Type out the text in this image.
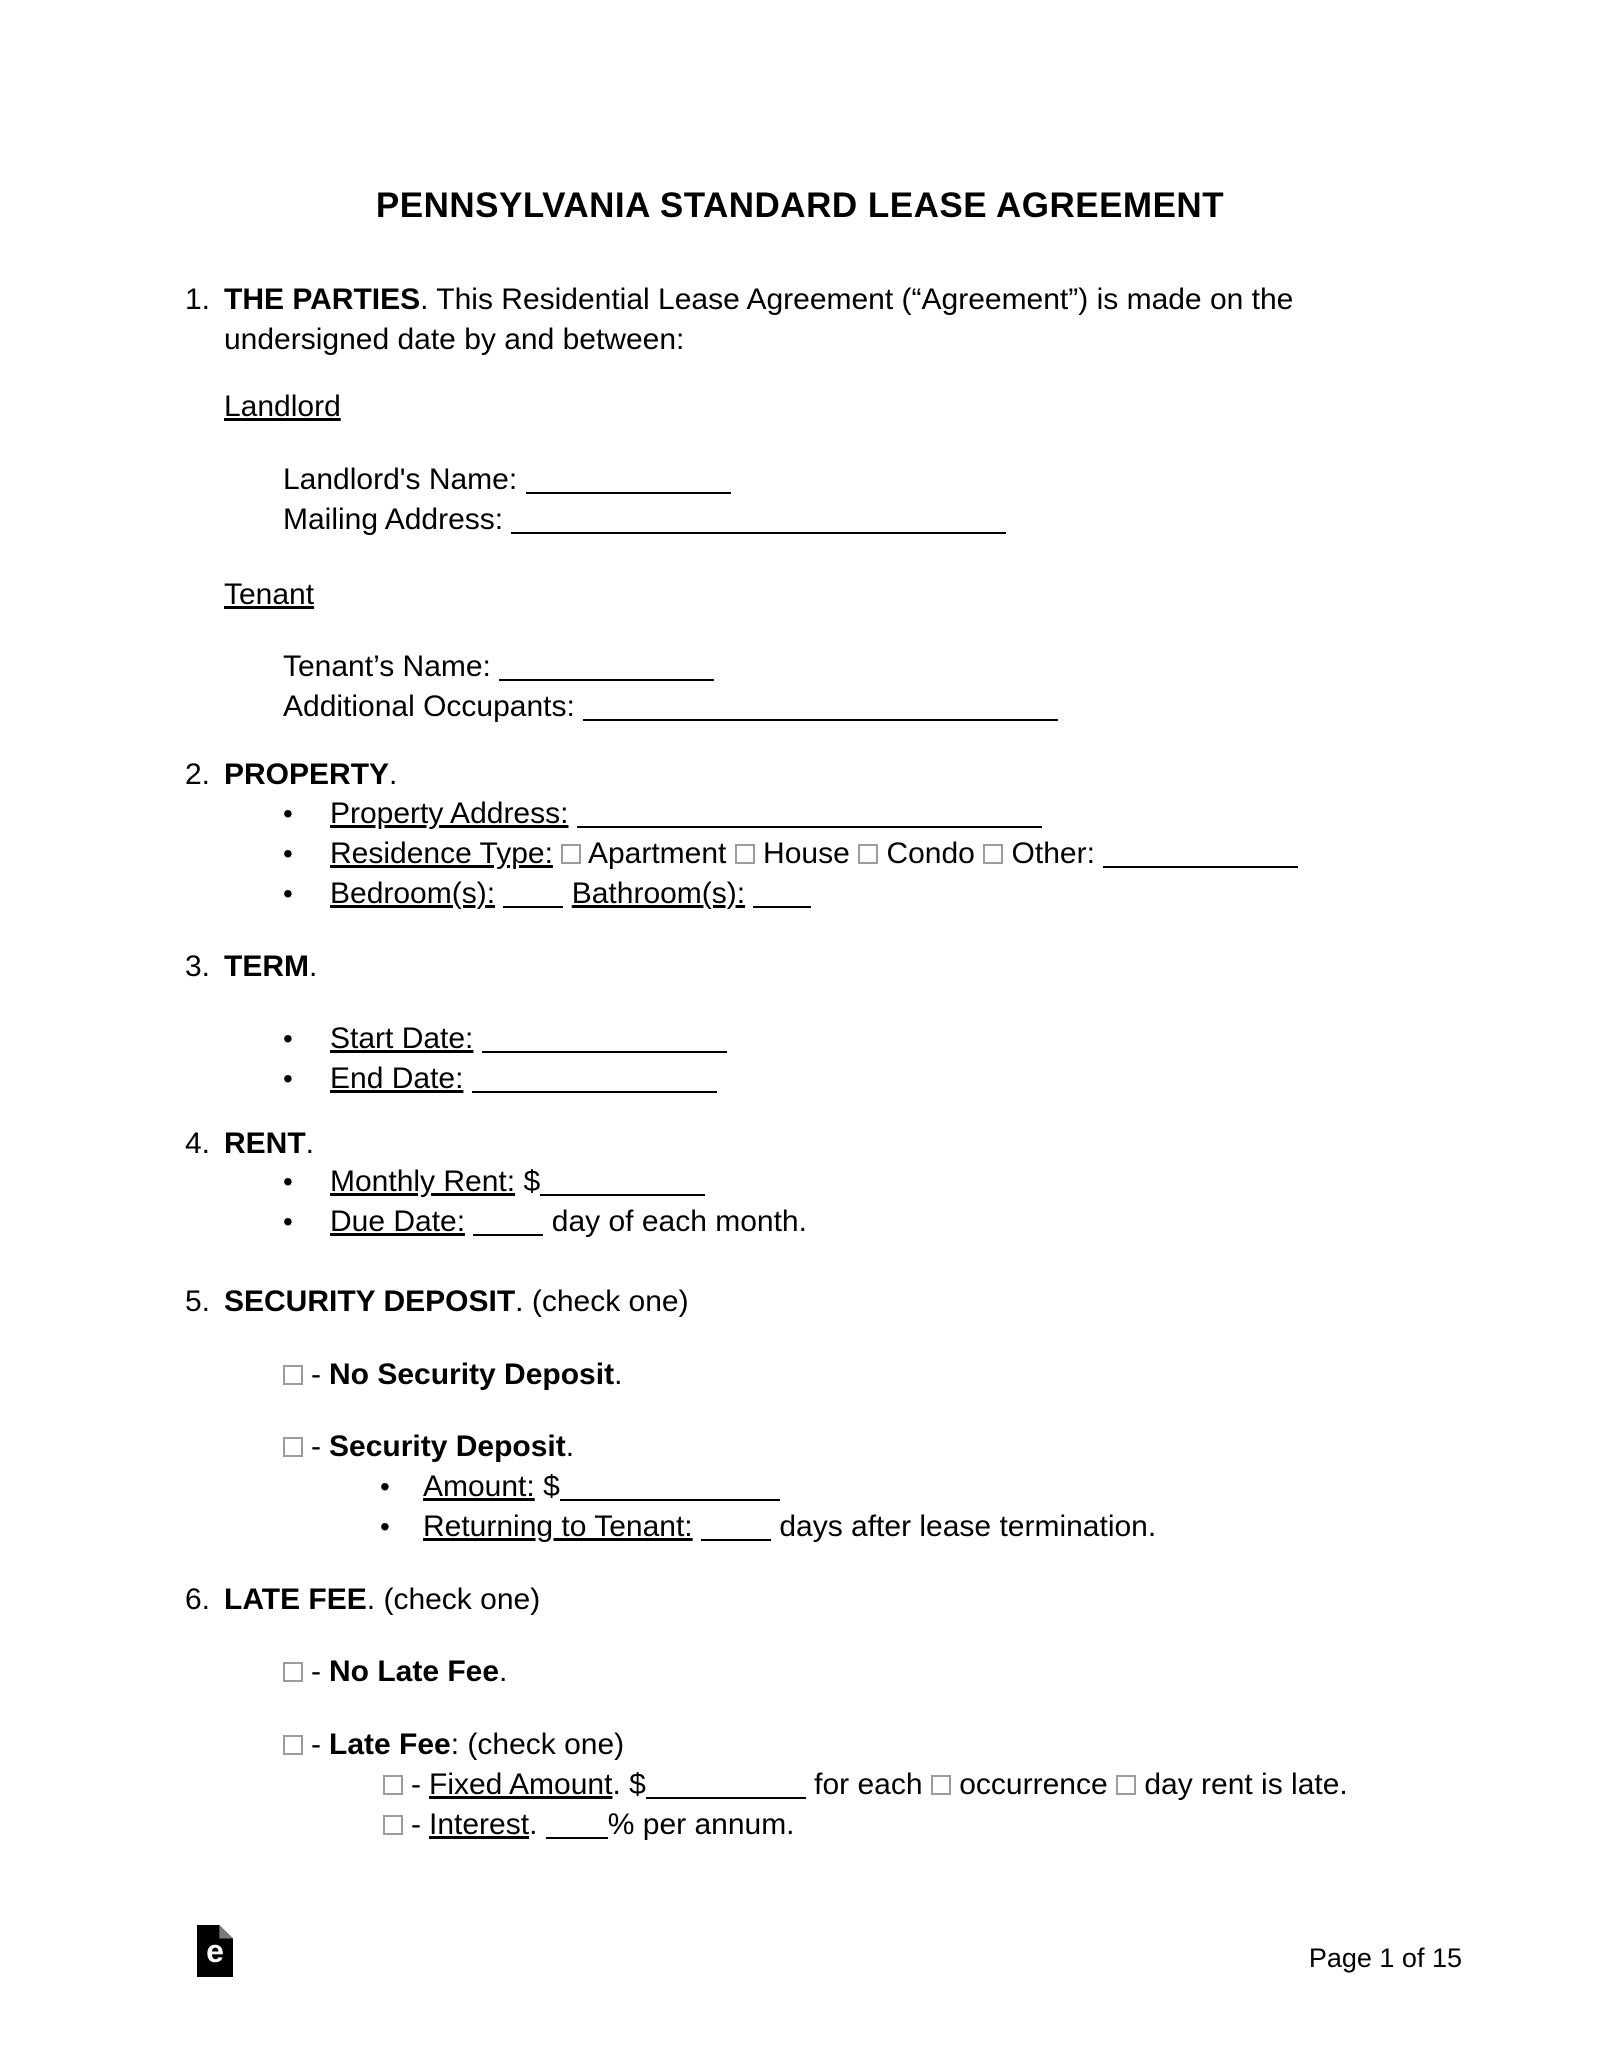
PENNSYLVANIA STANDARD LEASE AGREEMENT
1. THE PARTIES. This Residential Lease Agreement (“Agreement”) is made on the
undersigned date by and between:
Landlord
Landlord's Name:
Mailing Address:
Tenant
Tenant’s Name:
Additional Occupants:
2. PROPERTY.
• Property Address:
• Residence Type: Apartment House Condo Other:
• Bedroom(s):	Bathroom(s):
3. TERM.
• Start Date:
• End Date:
4. RENT.
• Monthly Rent: $
• Due Date:	day of each month.
5. SECURITY DEPOSIT. (check one)
- No Security Deposit.
- Security Deposit.
• Amount: $
• Returning to Tenant:	days after lease termination.
6. LATE FEE. (check one)
- No Late Fee.
- Late Fee: (check one)
- Fixed Amount. $	for each occurrence day rent is late.
- Interest. % per annum.
e	Page 1 of 15
